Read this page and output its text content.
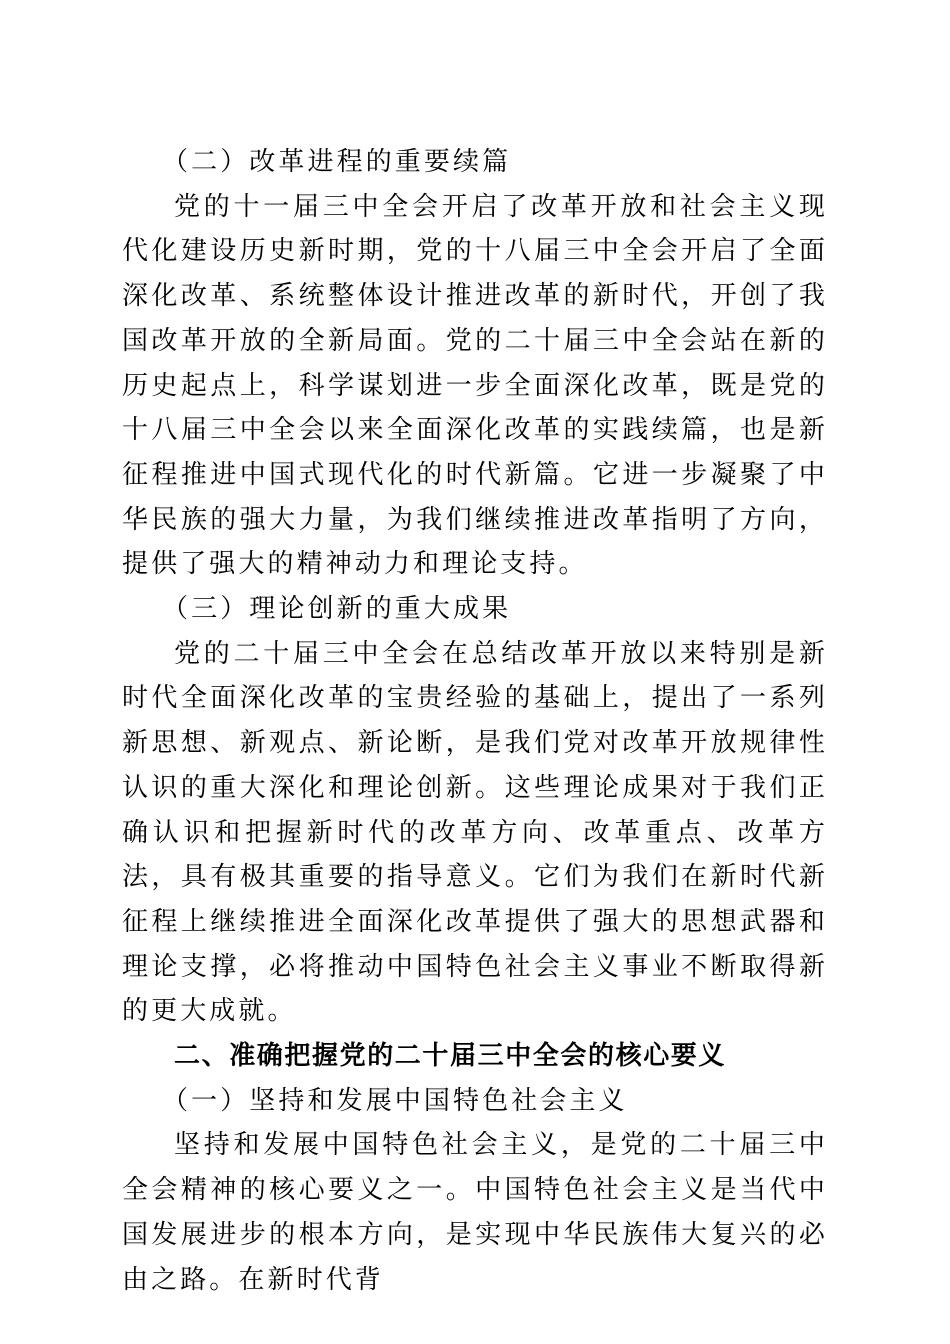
（二）改革进程的重要续篇

党的十一届三中全会开启了改革开放和社会主义现代化建设历史新时期，党的十八届三中全会开启了全面深化改革、系统整体设计推进改革的新时代，开创了我国改革开放的全新局面。党的二十届三中全会站在新的历史起点上，科学谋划进一步全面深化改革，既是党的十八届三中全会以来全面深化改革的实践续篇，也是新征程推进中国式现代化的时代新篇。它进一步凝聚了中华民族的强大力量，为我们继续推进改革指明了方向，提供了强大的精神动力和理论支持。

（三）理论创新的重大成果

党的二十届三中全会在总结改革开放以来特别是新时代全面深化改革的宝贵经验的基础上，提出了一系列新思想、新观点、新论断，是我们党对改革开放规律性认识的重大深化和理论创新。这些理论成果对于我们正确认识和把握新时代的改革方向、改革重点、改革方法，具有极其重要的指导意义。它们为我们在新时代新征程上继续推进全面深化改革提供了强大的思想武器和理论支撑，必将推动中国特色社会主义事业不断取得新的更大成就。

二、准确把握党的二十届三中全会的核心要义

（一）坚持和发展中国特色社会主义

坚持和发展中国特色社会主义，是党的二十届三中全会精神的核心要义之一。中国特色社会主义是当代中国发展进步的根本方向，是实现中华民族伟大复兴的必由之路。在新时代背
